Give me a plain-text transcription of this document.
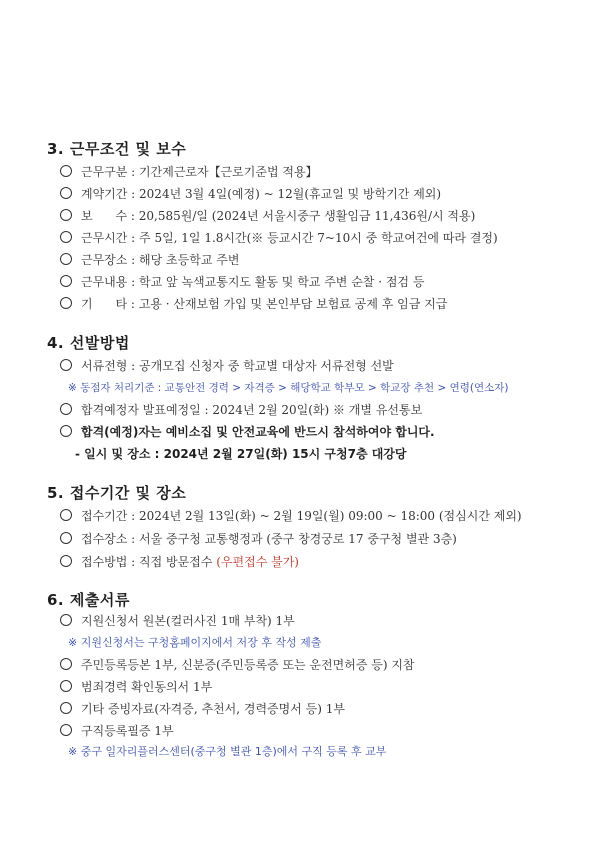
3. 근무조건 및 보수
근무구분 : 기간제근로자【근로기준법 적용】
계약기간 : 2024년 3월 4일(예정) ~ 12월(휴교일 및 방학기간 제외)
보      수 : 20,585원/일 (2024년 서울시중구 생활임금 11,436원/시 적용)
근무시간 : 주 5일, 1일 1.8시간(※ 등교시간 7~10시 중 학교여건에 따라 결정)
근무장소 : 해당 초등학교 주변
근무내용 : 학교 앞 녹색교통지도 활동 및 학교 주변 순찰 · 점검 등
기      타 : 고용 · 산재보험 가입 및 본인부담 보험료 공제 후 임금 지급
4. 선발방법
서류전형 : 공개모집 신청자 중 학교별 대상자 서류전형 선발
※ 동점자 처리기준 : 교통안전 경력 > 자격증 > 해당학교 학부모 > 학교장 추천 > 연령(연소자)
합격예정자 발표예정일 : 2024년 2월 20일(화) ※ 개별 유선통보
합격(예정)자는 예비소집 및 안전교육에 반드시 참석하여야 합니다.
- 일시 및 장소 : 2024년 2월 27일(화) 15시 구청7층 대강당
5. 접수기간 및 장소
접수기간 : 2024년 2월 13일(화) ~ 2월 19일(월) 09:00 ~ 18:00 (점심시간 제외)
접수장소 : 서울 중구청 교통행정과 (중구 창경궁로 17 중구청 별관 3층)
접수방법 : 직접 방문접수 (우편접수 불가)
6. 제출서류
지원신청서 원본(컬러사진 1매 부착) 1부
※ 지원신청서는 구청홈페이지에서 저장 후 작성 제출
주민등록등본 1부, 신분증(주민등록증 또는 운전면허증 등) 지참
범죄경력 확인동의서 1부
기타 증빙자료(자격증, 추천서, 경력증명서 등) 1부
구직등록필증 1부
※ 중구 일자리플러스센터(중구청 별관 1층)에서 구직 등록 후 교부
